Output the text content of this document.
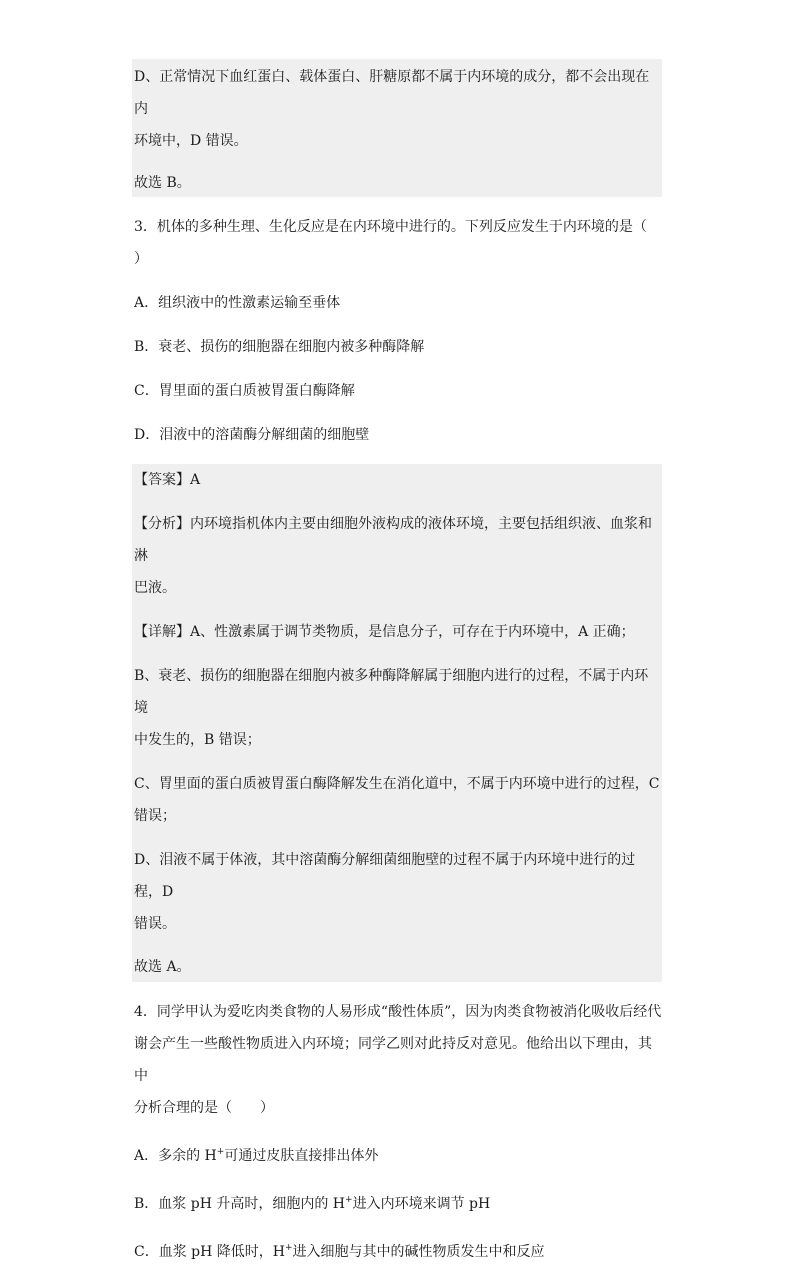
D、正常情况下血红蛋白、载体蛋白、肝糖原都不属于内环境的成分，都不会出现在内
环境中，D 错误。
故选 B。
3．机体的多种生理、生化反应是在内环境中进行的。下列反应发生于内环境的是（　 ）
A．组织液中的性激素运输至垂体
B．衰老、损伤的细胞器在细胞内被多种酶降解
C．胃里面的蛋白质被胃蛋白酶降解
D．泪液中的溶菌酶分解细菌的细胞壁
【答案】A
【分析】内环境指机体内主要由细胞外液构成的液体环境，主要包括组织液、血浆和淋
巴液。
【详解】A、性激素属于调节类物质，是信息分子，可存在于内环境中，A 正确；
B、衰老、损伤的细胞器在细胞内被多种酶降解属于细胞内进行的过程，不属于内环境
中发生的，B 错误；
C、胃里面的蛋白质被胃蛋白酶降解发生在消化道中，不属于内环境中进行的过程，C
错误；
D、泪液不属于体液，其中溶菌酶分解细菌细胞壁的过程不属于内环境中进行的过程，D
错误。
故选 A。
4．同学甲认为爱吃肉类食物的人易形成“酸性体质”，因为肉类食物被消化吸收后经代
谢会产生一些酸性物质进入内环境；同学乙则对此持反对意见。他给出以下理由，其中
分析合理的是（　　）
A．多余的 H+可通过皮肤直接排出体外
B．血浆 pH 升高时，细胞内的 H+进入内环境来调节 pH
C．血浆 pH 降低时，H+进入细胞与其中的碱性物质发生中和反应
